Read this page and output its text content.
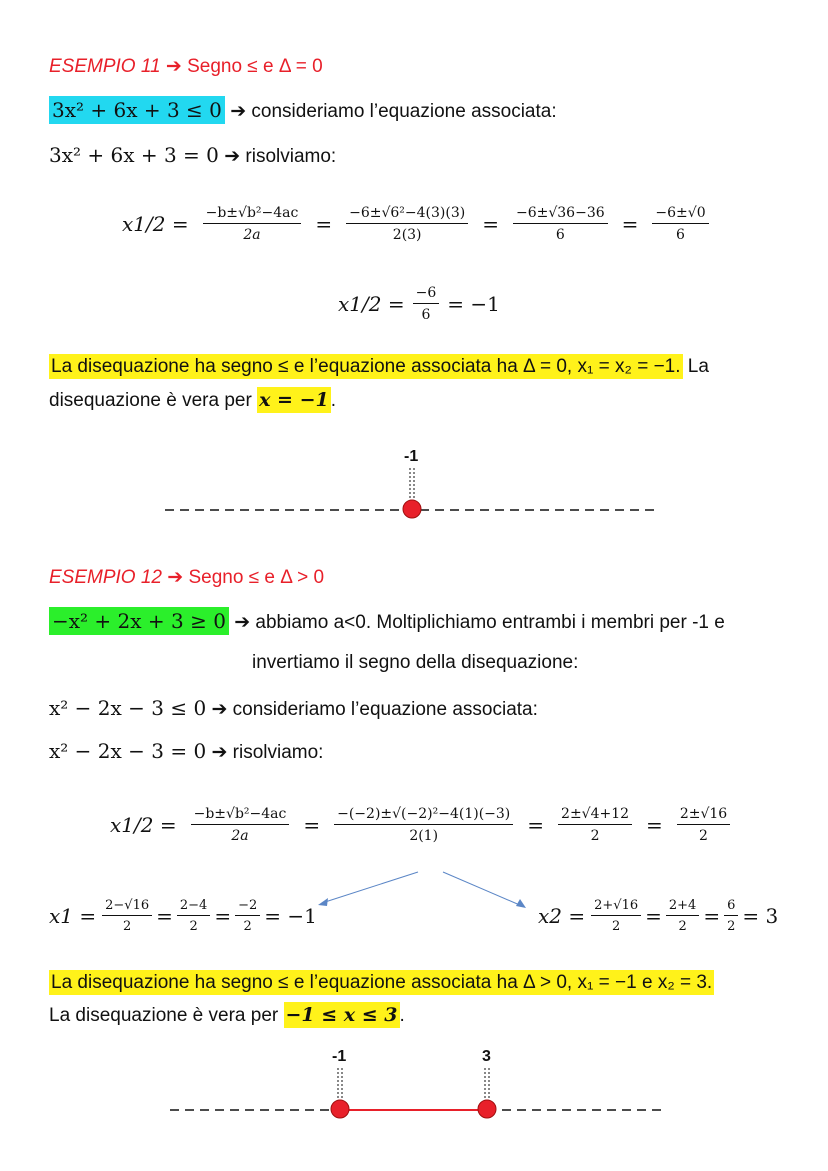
ESEMPIO 11 ➔ Segno ≤ e Δ = 0
3x² + 6x + 3 ≤ 0 ➔ consideriamo l’equazione associata:
3x² + 6x + 3 = 0 ➔ risolviamo:
$x1/2 = \frac{\text{−b±√b²−4ac}}{2a} = \frac{\text{−6±√6²−4(3)(3)}}{2(3)} = \frac{-6\pm√36-36}{6} = \frac{-6\pm√0}{6}$
$x1/2 = \frac{-6}{6} = -1$
La disequazione ha segno ≤ e l’equazione associata ha Δ = 0, x₁ = x₂ = −1. La
disequazione è vera per x = −1 .
-1
ESEMPIO 12 ➔ Segno ≤ e Δ > 0
−x² + 2x + 3 ≥ 0 ➔ abbiamo a<0. Moltiplichiamo entrambi i membri per -1 e
invertiamo il segno della disequazione:
x² − 2x − 3 ≤ 0 ➔ consideriamo l’equazione associata:
x² − 2x − 3 = 0 ➔ risolviamo:
$x1/2 = \frac{\text{−b±√b²−4ac}}{2a} = \frac{\text{−(−2)±√(−2)²−4(1)(−3)}}{2(1)} = \frac{2\pm√4+12}{2} = \frac{2\pm√16}{2}$
$x1 = \frac{2-√16}{2} = \frac{2-4}{2} = \frac{-2}{2} = -1$	$x2 = \frac{2+√16}{2} = \frac{2+4}{2} = \frac{6}{2} = 3$
La disequazione ha segno ≤ e l’equazione associata ha Δ > 0, x₁ = −1 e x₂ = 3.
La disequazione è vera per −1 ≤ x ≤ 3 .
-1	3
